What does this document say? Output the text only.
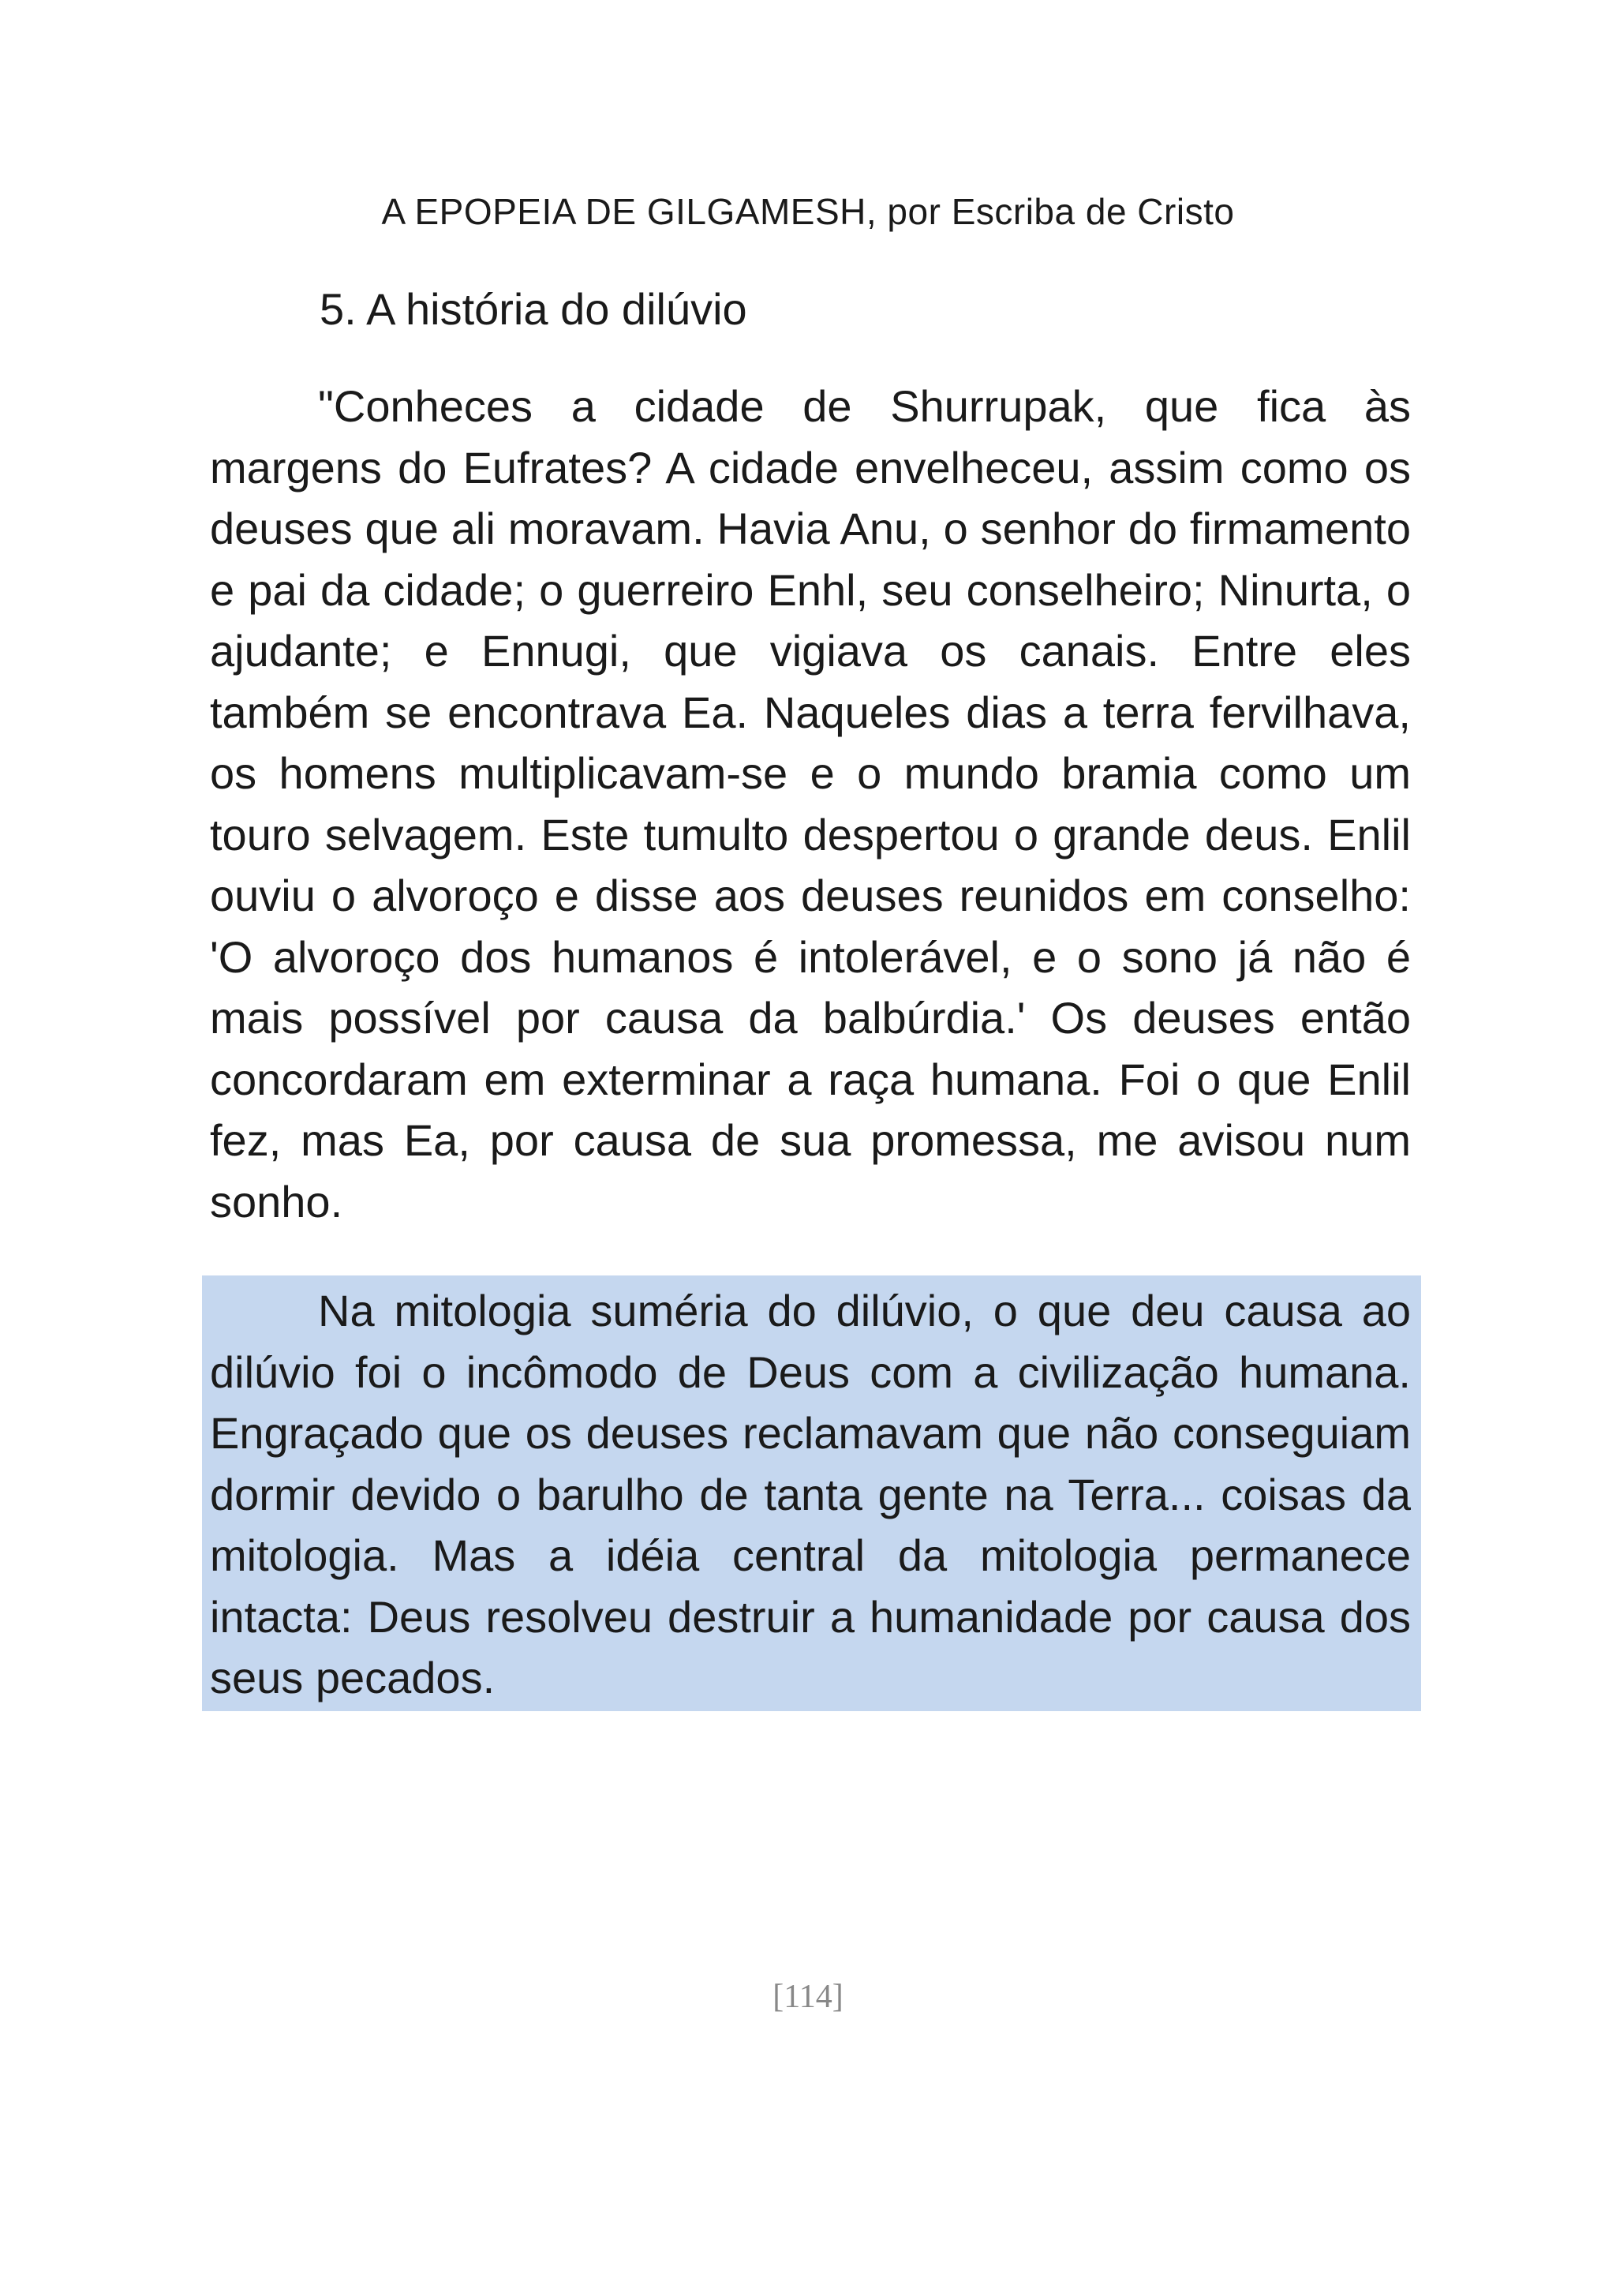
A EPOPEIA DE GILGAMESH, por Escriba de Cristo
5. A história do dilúvio

"Conheces a cidade de Shurrupak, que fica às margens do Eufrates? A cidade envelheceu, assim como os deuses que ali moravam. Havia Anu, o senhor do firmamento e pai da cidade; o guerreiro Enhl, seu conselheiro; Ninurta, o ajudante; e Ennugi, que vigiava os canais. Entre eles também se encontrava Ea. Naqueles dias a terra fervilhava, os homens multiplicavam-se e o mundo bramia como um touro selvagem. Este tumulto despertou o grande deus. Enlil ouviu o alvoroço e disse aos deuses reunidos em conselho: 'O alvoroço dos humanos é intolerável, e o sono já não é mais possível por causa da balbúrdia.' Os deuses então concordaram em exterminar a raça humana. Foi o que Enlil fez, mas Ea, por causa de sua promessa, me avisou num sonho.

Na mitologia suméria do dilúvio, o que deu causa ao dilúvio foi o incômodo de Deus com a civilização humana. Engraçado que os deuses reclamavam que não conseguiam dormir devido o barulho de tanta gente na Terra... coisas da mitologia. Mas a idéia central da mitologia permanece intacta: Deus resolveu destruir a humanidade por causa dos seus pecados.

[114]
